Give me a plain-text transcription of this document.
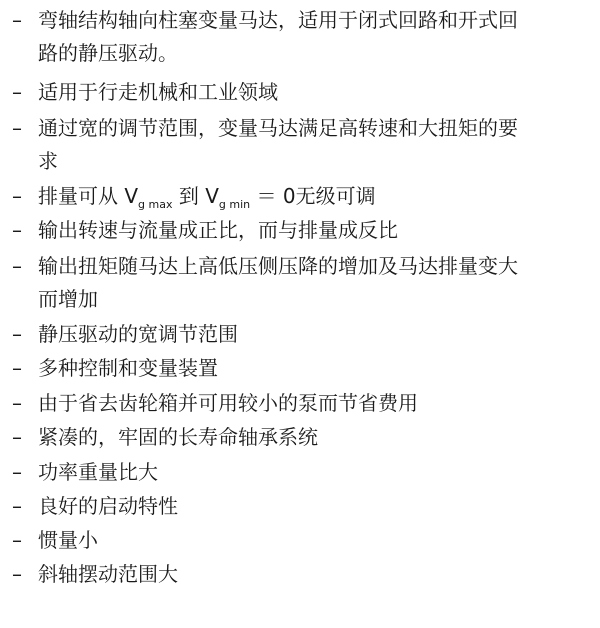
– 弯轴结构轴向柱塞变量马达，适用于闭式回路和开式回
路的静压驱动。
– 适用于行走机械和工业领域
– 通过宽的调节范围，变量马达满足高转速和大扭矩的要
求
– 排量可从 $V_{g max}$ 到 $V_{g min} = 0$无级可调
– 输出转速与流量成正比，而与排量成反比
– 输出扭矩随马达上高低压侧压降的增加及马达排量变大
而增加
– 静压驱动的宽调节范围
– 多种控制和变量装置
– 由于省去齿轮箱并可用较小的泵而节省费用
– 紧凑的，牢固的长寿命轴承系统
– 功率重量比大
– 良好的启动特性
– 惯量小
– 斜轴摆动范围大
